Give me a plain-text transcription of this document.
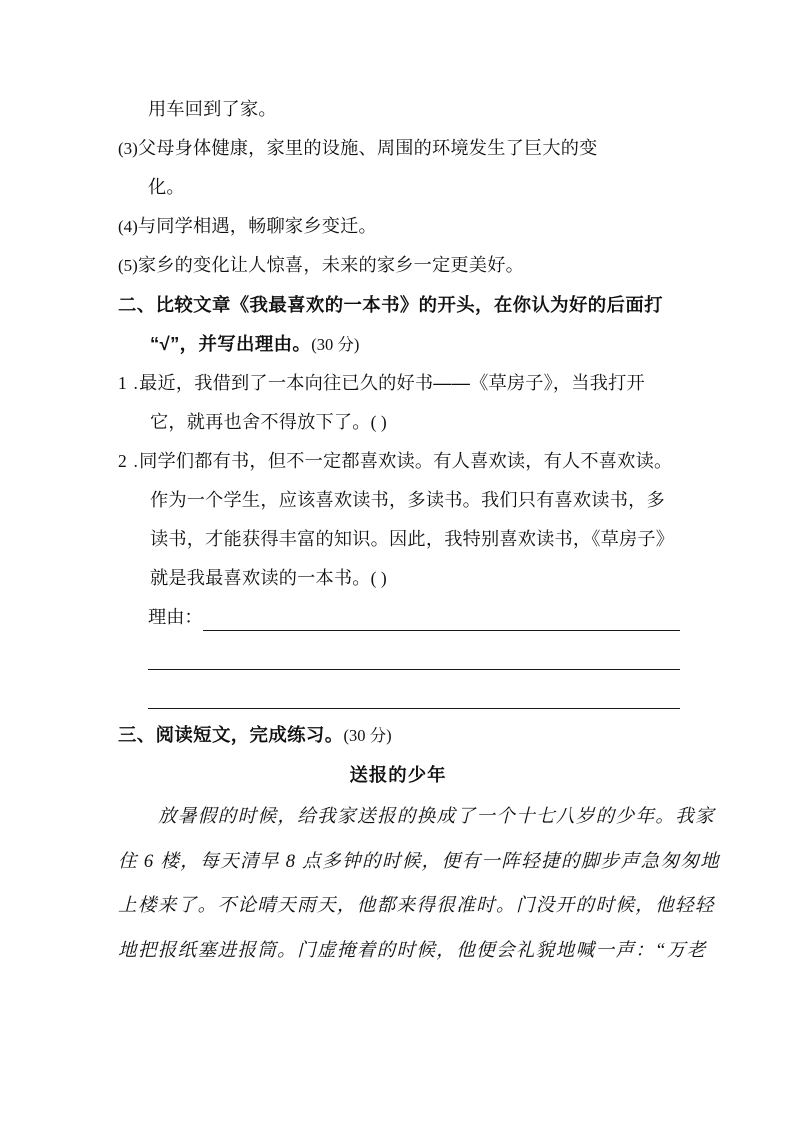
用车回到了家。
(3)父母身体健康，家里的设施、周围的环境发生了巨大的变
化。
(4)与同学相遇，畅聊家乡变迁。
(5)家乡的变化让人惊喜，未来的家乡一定更美好。
二、比较文章《我最喜欢的一本书》的开头，在你认为好的后面打
“√”，并写出理由。(30 分)
1 .最近，我借到了一本向往已久的好书——《草房子》，当我打开
它，就再也舍不得放下了。( )
2 .同学们都有书，但不一定都喜欢读。有人喜欢读，有人不喜欢读。
作为一个学生，应该喜欢读书，多读书。我们只有喜欢读书，多
读书，才能获得丰富的知识。因此，我特别喜欢读书，《草房子》
就是我最喜欢读的一本书。( )
理由：
三、阅读短文，完成练习。(30 分)
送报的少年
放暑假的时候，给我家送报的换成了一个十七八岁的少年。我家
住 6 楼，每天清早 8 点多钟的时候，便有一阵轻捷的脚步声急匆匆地
上楼来了。不论晴天雨天，他都来得很准时。门没开的时候，他轻轻
地把报纸塞进报筒。门虚掩着的时候，他便会礼貌地喊一声：“万老
